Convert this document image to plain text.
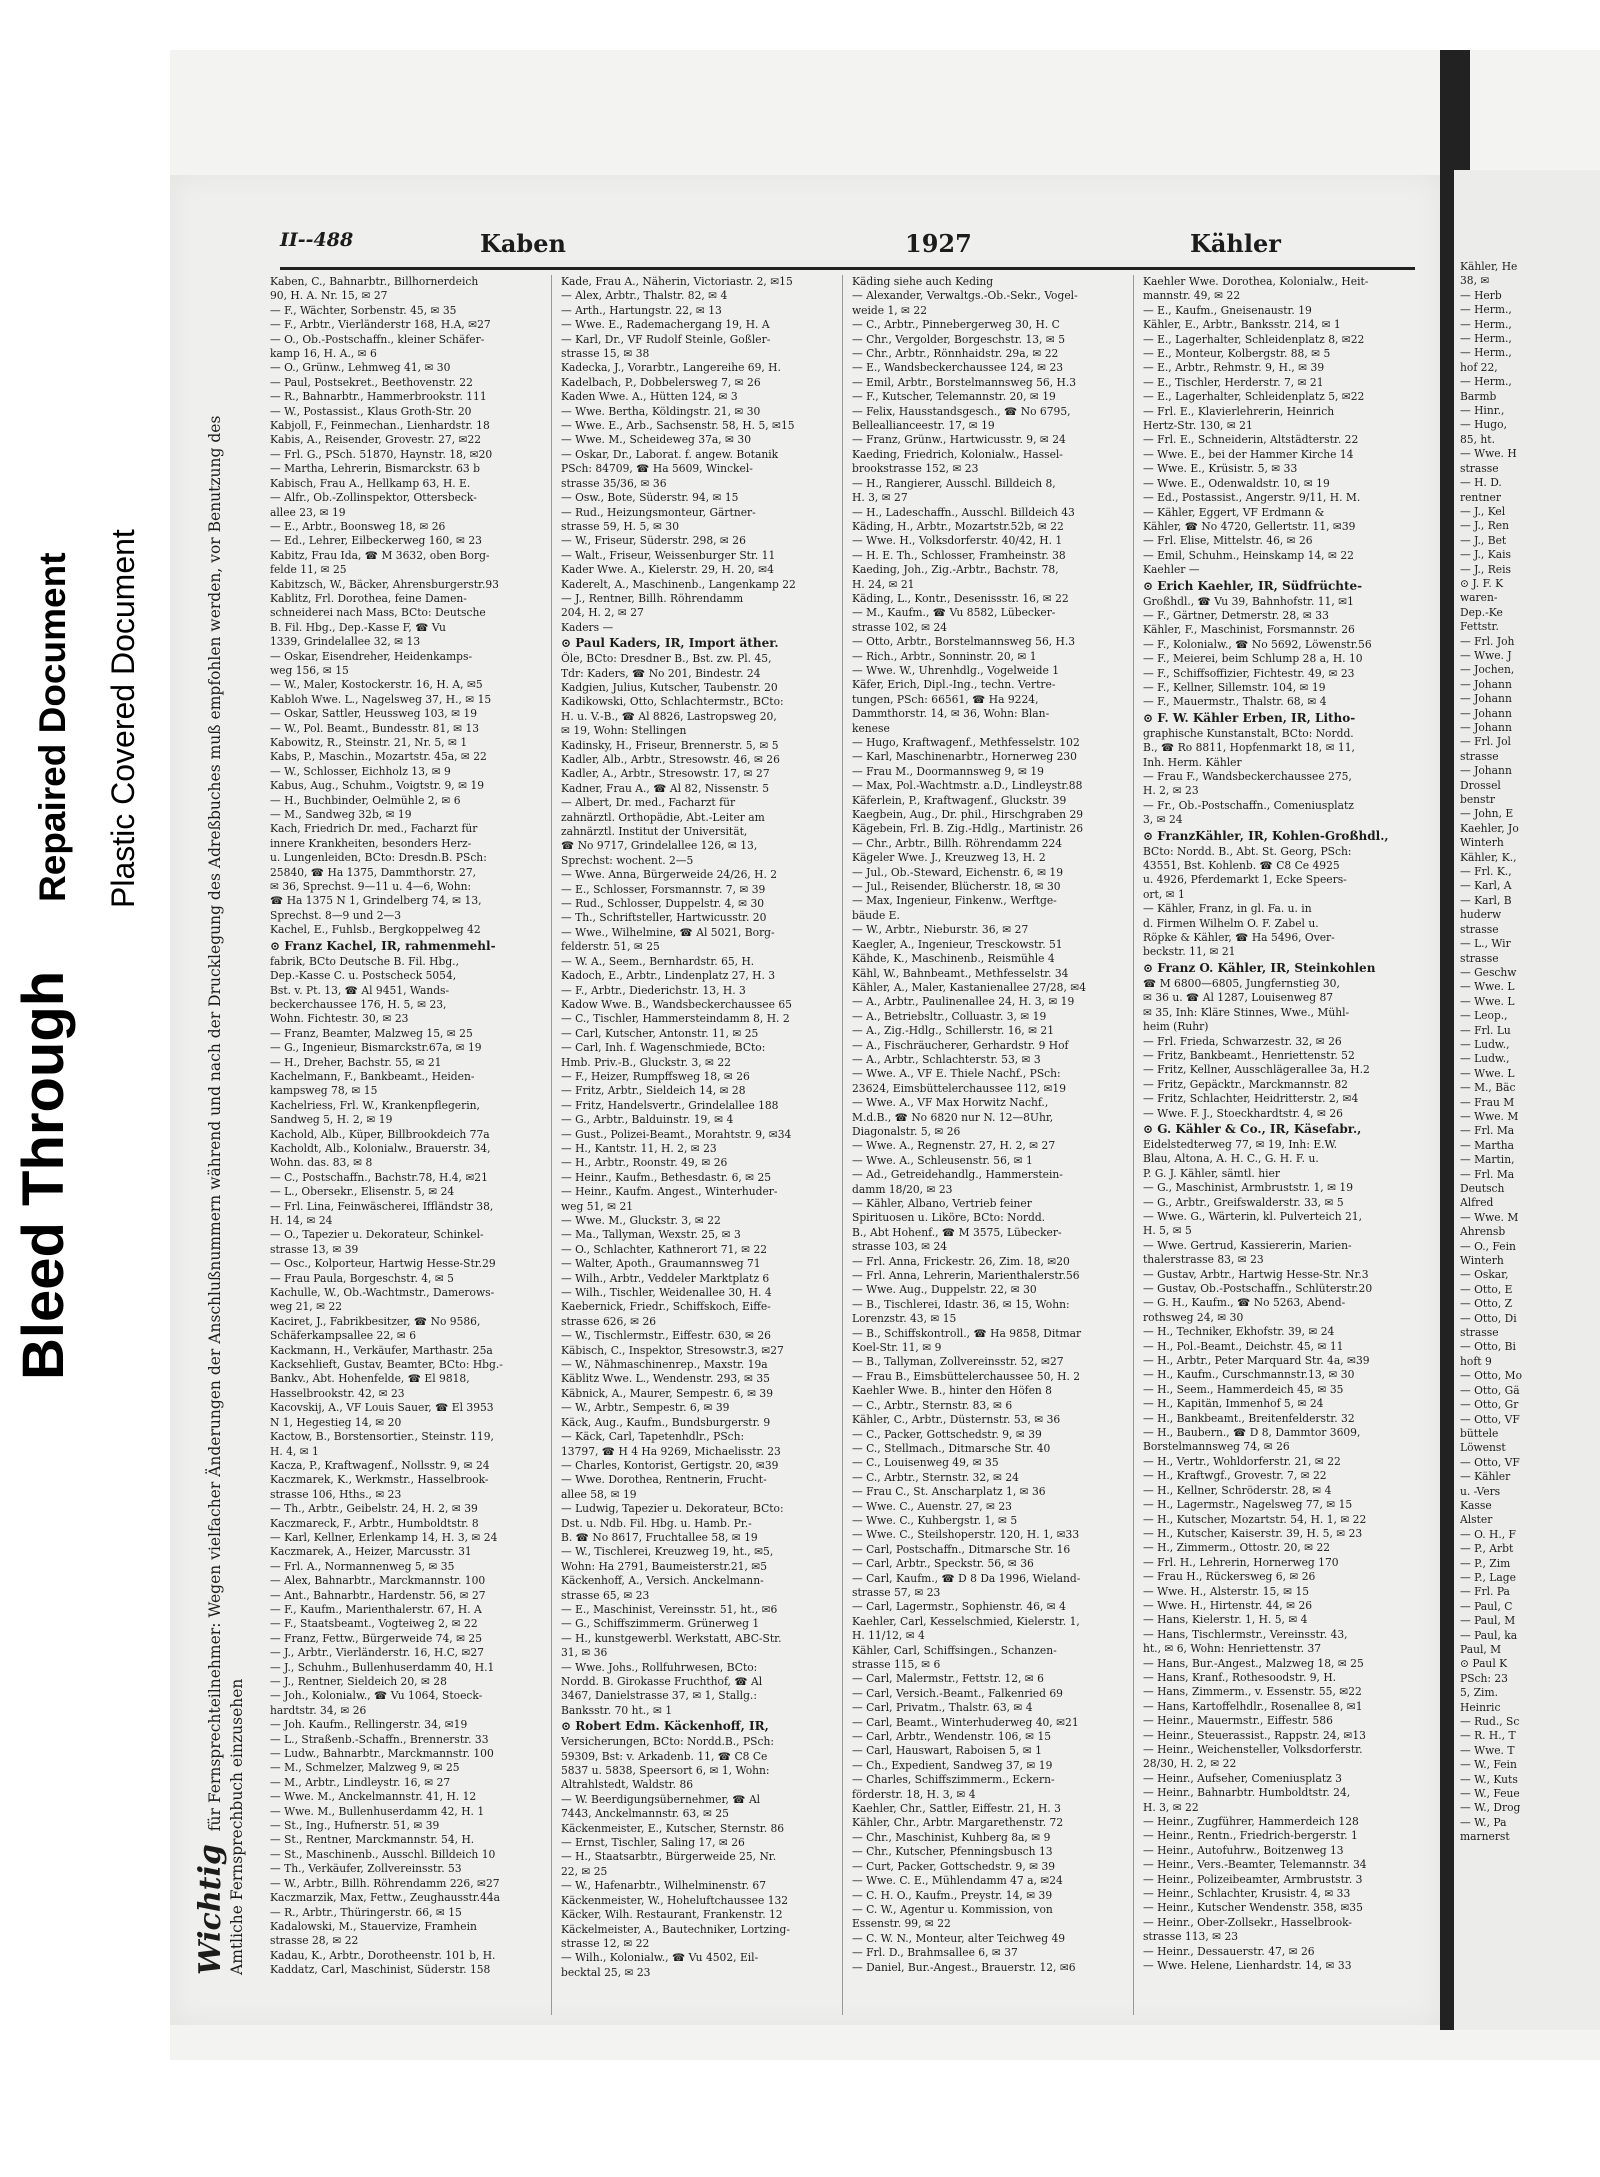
Bleed Through
Repaired Document Plastic Covered Document
II--488	Kaben	1927	Kähler
Wichtig für Fernsprechteilnehmer: Wegen vielfacher Änderungen der Anschlußnummern während und nach der Drucklegung des Adreßbuches muß empfohlen werden, vor Benutzung des Amtliche Fernsprechbuch einzusehen
Kaben, C., Bahnarbtr., Billhornerdeich
90, H. A. Nr. 15, ✉ 27
— F., Wächter, Sorbenstr. 45, ✉ 35
— F., Arbtr., Vierländerstr 168, H.A, ✉27
— O., Ob.-Postschaffn., kleiner Schäfer-
kamp 16, H. A., ✉ 6
— O., Grünw., Lehmweg 41, ✉ 30
— Paul, Postsekret., Beethovenstr. 22
— R., Bahnarbtr., Hammerbrookstr. 111
— W., Postassist., Klaus Groth-Str. 20
Kabjoll, F., Feinmechan., Lienhardstr. 18
Kabis, A., Reisender, Grovestr. 27, ✉22
— Frl. G., PSch. 51870, Haynstr. 18, ✉20
— Martha, Lehrerin, Bismarckstr. 63 b
Kabisch, Frau A., Hellkamp 63, H. E.
— Alfr., Ob.-Zollinspektor, Ottersbeck-
allee 23, ✉ 19
— E., Arbtr., Boonsweg 18, ✉ 26
— Ed., Lehrer, Eilbeckerweg 160, ✉ 23
Kabitz, Frau Ida, ☎ M 3632, oben Borg-
felde 11, ✉ 25
Kabitzsch, W., Bäcker, Ahrensburgerstr.93
Kablitz, Frl. Dorothea, feine Damen-
schneiderei nach Mass, BCto: Deutsche
B. Fil. Hbg., Dep.-Kasse F, ☎ Vu
1339, Grindelallee 32, ✉ 13
— Oskar, Eisendreher, Heidenkamps-
weg 156, ✉ 15
— W., Maler, Kostockerstr. 16, H. A, ✉5
Kabloh Wwe. L., Nagelsweg 37, H., ✉ 15
— Oskar, Sattler, Heussweg 103, ✉ 19
— W., Pol. Beamt., Bundesstr. 81, ✉ 13
Kabowitz, R., Steinstr. 21, Nr. 5, ✉ 1
Kabs, P., Maschin., Mozartstr. 45a, ✉ 22
— W., Schlosser, Eichholz 13, ✉ 9
Kabus, Aug., Schuhm., Voigtstr. 9, ✉ 19
— H., Buchbinder, Oelmühle 2, ✉ 6
— M., Sandweg 32b, ✉ 19
Kach, Friedrich Dr. med., Facharzt für
innere Krankheiten, besonders Herz-
u. Lungenleiden, BCto: Dresdn.B. PSch:
25840, ☎ Ha 1375, Dammthorstr. 27,
✉ 36, Sprechst. 9—11 u. 4—6, Wohn:
☎ Ha 1375 N 1, Grindelberg 74, ✉ 13,
Sprechst. 8—9 und 2—3
Kachel, E., Fuhlsb., Bergkoppelweg 42
⊙ Franz Kachel, IR, rahmenmehl-
fabrik, BCto Deutsche B. Fil. Hbg.,
Dep.-Kasse C. u. Postscheck 5054,
Bst. v. Pt. 13, ☎ Al 9451, Wands-
beckerchaussee 176, H. 5, ✉ 23,
Wohn. Fichtestr. 30, ✉ 23
— Franz, Beamter, Malzweg 15, ✉ 25
— G., Ingenieur, Bismarckstr.67a, ✉ 19
— H., Dreher, Bachstr. 55, ✉ 21
Kachelmann, F., Bankbeamt., Heiden-
kampsweg 78, ✉ 15
Kachelriess, Frl. W., Krankenpflegerin,
Sandweg 5, H. 2, ✉ 19
Kachold, Alb., Küper, Billbrookdeich 77a
Kacholdt, Alb., Kolonialw., Brauerstr. 34,
Wohn. das. 83, ✉ 8
— C., Postschaffn., Bachstr.78, H.4, ✉21
— L., Obersekr., Elisenstr. 5, ✉ 24
— Frl. Lina, Feinwäscherei, Iffländstr 38,
H. 14, ✉ 24
— O., Tapezier u. Dekorateur, Schinkel-
strasse 13, ✉ 39
— Osc., Kolporteur, Hartwig Hesse-Str.29
— Frau Paula, Borgeschstr. 4, ✉ 5
Kachulle, W., Ob.-Wachtmstr., Damerows-
weg 21, ✉ 22
Kaciret, J., Fabrikbesitzer, ☎ No 9586,
Schäferkampsallee 22, ✉ 6
Kackmann, H., Verkäufer, Marthastr. 25a
Kacksehlieft, Gustav, Beamter, BCto: Hbg.-
Bankv., Abt. Hohenfelde, ☎ El 9818,
Hasselbrookstr. 42, ✉ 23
Kacovskij, A., VF Louis Sauer, ☎ El 3953
N 1, Hegestieg 14, ✉ 20
Kactow, B., Borstensortier., Steinstr. 119,
H. 4, ✉ 1
Kacza, P., Kraftwagenf., Nollsstr. 9, ✉ 24
Kaczmarek, K., Werkmstr., Hasselbrook-
strasse 106, Hths., ✉ 23
— Th., Arbtr., Geibelstr. 24, H. 2, ✉ 39
Kaczmareck, F., Arbtr., Humboldtstr. 8
— Karl, Kellner, Erlenkamp 14, H. 3, ✉ 24
Kaczmarek, A., Heizer, Marcusstr. 31
— Frl. A., Normannenweg 5, ✉ 35
— Alex, Bahnarbtr., Marckmannstr. 100
— Ant., Bahnarbtr., Hardenstr. 56, ✉ 27
— F., Kaufm., Marienthalerstr. 67, H. A
— F., Staatsbeamt., Vogteiweg 2, ✉ 22
— Franz, Fettw., Bürgerweide 74, ✉ 25
— J., Arbtr., Vierländerstr. 16, H.C, ✉27
— J., Schuhm., Bullenhuserdamm 40, H.1
— J., Rentner, Sieldeich 20, ✉ 28
— Joh., Kolonialw., ☎ Vu 1064, Stoeck-
hardtstr. 34, ✉ 26
— Joh. Kaufm., Rellingerstr. 34, ✉19
— L., Straßenb.-Schaffn., Brennerstr. 33
— Ludw., Bahnarbtr., Marckmannstr. 100
— M., Schmelzer, Malzweg 9, ✉ 25
— M., Arbtr., Lindleystr. 16, ✉ 27
— Wwe. M., Anckelmannstr. 41, H. 12
— Wwe. M., Bullenhuserdamm 42, H. 1
— St., Ing., Hufnerstr. 51, ✉ 39
— St., Rentner, Marckmannstr. 54, H.
— St., Maschinenb., Ausschl. Billdeich 10
— Th., Verkäufer, Zollvereinsstr. 53
— W., Arbtr., Billh. Röhrendamm 226, ✉27
Kaczmarzik, Max, Fettw., Zeughausstr.44a
— R., Arbtr., Thüringerstr. 66, ✉ 15
Kadalowski, M., Stauervize, Framhein
strasse 28, ✉ 22
Kadau, K., Arbtr., Dorotheenstr. 101 b, H.
Kaddatz, Carl, Maschinist, Süderstr. 158
Kade, Frau A., Näherin, Victoriastr. 2, ✉15
— Alex, Arbtr., Thalstr. 82, ✉ 4
— Arth., Hartungstr. 22, ✉ 13
— Wwe. E., Rademachergang 19, H. A
— Karl, Dr., VF Rudolf Steinle, Goßler-
strasse 15, ✉ 38
Kadecka, J., Vorarbtr., Langereihe 69, H.
Kadelbach, P., Dobbelersweg 7, ✉ 26
Kaden Wwe. A., Hütten 124, ✉ 3
— Wwe. Bertha, Köldingstr. 21, ✉ 30
— Wwe. E., Arb., Sachsenstr. 58, H. 5, ✉15
— Wwe. M., Scheideweg 37a, ✉ 30
— Oskar, Dr., Laborat. f. angew. Botanik
PSch: 84709, ☎ Ha 5609, Winckel-
strasse 35/36, ✉ 36
— Osw., Bote, Süderstr. 94, ✉ 15
— Rud., Heizungsmonteur, Gärtner-
strasse 59, H. 5, ✉ 30
— W., Friseur, Süderstr. 298, ✉ 26
— Walt., Friseur, Weissenburger Str. 11
Kader Wwe. A., Kielerstr. 29, H. 20, ✉4
Kaderelt, A., Maschinenb., Langenkamp 22
— J., Rentner, Billh. Röhrendamm
204, H. 2, ✉ 27
Kaders —
⊙ Paul Kaders, IR, Import äther.
Öle, BCto: Dresdner B., Bst. zw. Pl. 45,
Tdr: Kaders, ☎ No 201, Bindestr. 24
Kadgien, Julius, Kutscher, Taubenstr. 20
Kadikowski, Otto, Schlachtermstr., BCto:
H. u. V.-B., ☎ Al 8826, Lastropsweg 20,
✉ 19, Wohn: Stellingen
Kadinsky, H., Friseur, Brennerstr. 5, ✉ 5
Kadler, Alb., Arbtr., Stresowstr. 46, ✉ 26
Kadler, A., Arbtr., Stresowstr. 17, ✉ 27
Kadner, Frau A., ☎ Al 82, Nissenstr. 5
— Albert, Dr. med., Facharzt für
zahnärztl. Orthopädie, Abt.-Leiter am
zahnärztl. Institut der Universität,
☎ No 9717, Grindelallee 126, ✉ 13,
Sprechst: wochent. 2—5
— Wwe. Anna, Bürgerweide 24/26, H. 2
— E., Schlosser, Forsmannstr. 7, ✉ 39
— Rud., Schlosser, Duppelstr. 4, ✉ 30
— Th., Schriftsteller, Hartwicusstr. 20
— Wwe., Wilhelmine, ☎ Al 5021, Borg-
felderstr. 51, ✉ 25
— W. A., Seem., Bernhardstr. 65, H.
Kadoch, E., Arbtr., Lindenplatz 27, H. 3
— F., Arbtr., Diederichstr. 13, H. 3
Kadow Wwe. B., Wandsbeckerchaussee 65
— C., Tischler, Hammersteindamm 8, H. 2
— Carl, Kutscher, Antonstr. 11, ✉ 25
— Carl, Inh. f. Wagenschmiede, BCto:
Hmb. Priv.-B., Gluckstr. 3, ✉ 22
— F., Heizer, Rumpffsweg 18, ✉ 26
— Fritz, Arbtr., Sieldeich 14, ✉ 28
— Fritz, Handelsvertr., Grindelallee 188
— G., Arbtr., Balduinstr. 19, ✉ 4
— Gust., Polizei-Beamt., Morahtstr. 9, ✉34
— H., Kantstr. 11, H. 2, ✉ 23
— H., Arbtr., Roonstr. 49, ✉ 26
— Heinr., Kaufm., Bethesdastr. 6, ✉ 25
— Heinr., Kaufm. Angest., Winterhuder-
weg 51, ✉ 21
— Wwe. M., Gluckstr. 3, ✉ 22
— Ma., Tallyman, Wexstr. 25, ✉ 3
— O., Schlachter, Kathnerort 71, ✉ 22
— Walter, Apoth., Graumannsweg 71
— Wilh., Arbtr., Veddeler Marktplatz 6
— Wilh., Tischler, Weidenallee 30, H. 4
Kaebernick, Friedr., Schiffskoch, Eiffe-
strasse 626, ✉ 26
— W., Tischlermstr., Eiffestr. 630, ✉ 26
Käbisch, C., Inspektor, Stresowstr.3, ✉27
— W., Nähmaschinenrep., Maxstr. 19a
Käblitz Wwe. L., Wendenstr. 293, ✉ 35
Käbnick, A., Maurer, Sempestr. 6, ✉ 39
— W., Arbtr., Sempestr. 6, ✉ 39
Käck, Aug., Kaufm., Bundsburgerstr. 9
— Käck, Carl, Tapetenhdlr., PSch:
13797, ☎ H 4 Ha 9269, Michaelisstr. 23
— Charles, Kontorist, Gertigstr. 20, ✉39
— Wwe. Dorothea, Rentnerin, Frucht-
allee 58, ✉ 19
— Ludwig, Tapezier u. Dekorateur, BCto:
Dst. u. Ndb. Fil. Hbg. u. Hamb. Pr.-
B. ☎ No 8617, Fruchtallee 58, ✉ 19
— W., Tischlerei, Kreuzweg 19, ht., ✉5,
Wohn: Ha 2791, Baumeisterstr.21, ✉5
Käckenhoff, A., Versich. Anckelmann-
strasse 65, ✉ 23
— E., Maschinist, Vereinsstr. 51, ht., ✉6
— G., Schiffszimmerm. Grünerweg 1
— H., kunstgewerbl. Werkstatt, ABC-Str.
31, ✉ 36
— Wwe. Johs., Rollfuhrwesen, BCto:
Nordd. B. Girokasse Fruchthof, ☎ Al
3467, Danielstrasse 37, ✉ 1, Stallg.:
Banksstr. 70 ht., ✉ 1
⊙ Robert Edm. Käckenhoff, IR,
Versicherungen, BCto: Nordd.B., PSch:
59309, Bst: v. Arkadenb. 11, ☎ C8 Ce
5837 u. 5838, Speersort 6, ✉ 1, Wohn:
Altrahlstedt, Waldstr. 86
— W. Beerdigungsübernehmer, ☎ Al
7443, Anckelmannstr. 63, ✉ 25
Käckenmeister, E., Kutscher, Sternstr. 86
— Ernst, Tischler, Saling 17, ✉ 26
— H., Staatsarbtr., Bürgerweide 25, Nr.
22, ✉ 25
— W., Hafenarbtr., Wilhelminenstr. 67
Käckenmeister, W., Hoheluftchaussee 132
Käcker, Wilh. Restaurant, Frankenstr. 12
Käckelmeister, A., Bautechniker, Lortzing-
strasse 12, ✉ 22
— Wilh., Kolonialw., ☎ Vu 4502, Eil-
becktal 25, ✉ 23
Käding siehe auch Keding
— Alexander, Verwaltgs.-Ob.-Sekr., Vogel-
weide 1, ✉ 22
— C., Arbtr., Pinnebergerweg 30, H. C
— Chr., Vergolder, Borgeschstr. 13, ✉ 5
— Chr., Arbtr., Rönnhaidstr. 29a, ✉ 22
— E., Wandsbeckerchaussee 124, ✉ 23
— Emil, Arbtr., Borstelmannsweg 56, H.3
— F., Kutscher, Telemannstr. 20, ✉ 19
— Felix, Hausstandsgesch., ☎ No 6795,
Belleallianceestr. 17, ✉ 19
— Franz, Grünw., Hartwicusstr. 9, ✉ 24
Kaeding, Friedrich, Kolonialw., Hassel-
brookstrasse 152, ✉ 23
— H., Rangierer, Ausschl. Billdeich 8,
H. 3, ✉ 27
— H., Ladeschaffn., Ausschl. Billdeich 43
Käding, H., Arbtr., Mozartstr.52b, ✉ 22
— Wwe. H., Volksdorferstr. 40/42, H. 1
— H. E. Th., Schlosser, Framheinstr. 38
Kaeding, Joh., Zig.-Arbtr., Bachstr. 78,
H. 24, ✉ 21
Käding, L., Kontr., Desenissstr. 16, ✉ 22
— M., Kaufm., ☎ Vu 8582, Lübecker-
strasse 102, ✉ 24
— Otto, Arbtr., Borstelmannsweg 56, H.3
— Rich., Arbtr., Sonninstr. 20, ✉ 1
— Wwe. W., Uhrenhdlg., Vogelweide 1
Käfer, Erich, Dipl.-Ing., techn. Vertre-
tungen, PSch: 66561, ☎ Ha 9224,
Dammthorstr. 14, ✉ 36, Wohn: Blan-
kenese
— Hugo, Kraftwagenf., Methfesselstr. 102
— Karl, Maschinenarbtr., Hornerweg 230
— Frau M., Doormannsweg 9, ✉ 19
— Max, Pol.-Wachtmstr. a.D., Lindleystr.88
Käferlein, P., Kraftwagenf., Gluckstr. 39
Kaegbein, Aug., Dr. phil., Hirschgraben 29
Kägebein, Frl. B. Zig.-Hdlg., Martinistr. 26
— Chr., Arbtr., Billh. Röhrendamm 224
Kägeler Wwe. J., Kreuzweg 13, H. 2
— Jul., Ob.-Steward, Eichenstr. 6, ✉ 19
— Jul., Reisender, Blücherstr. 18, ✉ 30
— Max, Ingenieur, Finkenw., Werftge-
bäude E.
— W., Arbtr., Nieburstr. 36, ✉ 27
Kaegler, A., Ingenieur, Tresckowstr. 51
Kähde, K., Maschinenb., Reismühle 4
Kähl, W., Bahnbeamt., Methfesselstr. 34
Kähler, A., Maler, Kastanienallee 27/28, ✉4
— A., Arbtr., Paulinenallee 24, H. 3, ✉ 19
— A., Betriebsltr., Colluastr. 3, ✉ 19
— A., Zig.-Hdlg., Schillerstr. 16, ✉ 21
— A., Fischräucherer, Gerhardstr. 9 Hof
— A., Arbtr., Schlachterstr. 53, ✉ 3
— Wwe. A., VF E. Thiele Nachf., PSch:
23624, Eimsbüttelerchaussee 112, ✉19
— Wwe. A., VF Max Horwitz Nachf.,
M.d.B., ☎ No 6820 nur N. 12—8Uhr,
Diagonalstr. 5, ✉ 26
— Wwe. A., Regnenstr. 27, H. 2, ✉ 27
— Wwe. A., Schleusenstr. 56, ✉ 1
— Ad., Getreidehandlg., Hammerstein-
damm 18/20, ✉ 23
— Kähler, Albano, Vertrieb feiner
Spirituosen u. Liköre, BCto: Nordd.
B., Abt Hohenf., ☎ M 3575, Lübecker-
strasse 103, ✉ 24
— Frl. Anna, Frickestr. 26, Zim. 18, ✉20
— Frl. Anna, Lehrerin, Marienthalerstr.56
— Wwe. Aug., Duppelstr. 22, ✉ 30
— B., Tischlerei, Idastr. 36, ✉ 15, Wohn:
Lorenzstr. 43, ✉ 15
— B., Schiffskontroll., ☎ Ha 9858, Ditmar
Koel-Str. 11, ✉ 9
— B., Tallyman, Zollvereinsstr. 52, ✉27
— Frau B., Eimsbüttelerchaussee 50, H. 2
Kaehler Wwe. B., hinter den Höfen 8
— C., Arbtr., Sternstr. 83, ✉ 6
Kähler, C., Arbtr., Düsternstr. 53, ✉ 36
— C., Packer, Gottschedstr. 9, ✉ 39
— C., Stellmach., Ditmarsche Str. 40
— C., Louisenweg 49, ✉ 35
— C., Arbtr., Sternstr. 32, ✉ 24
— Frau C., St. Anscharplatz 1, ✉ 36
— Wwe. C., Auenstr. 27, ✉ 23
— Wwe. C., Kuhbergstr. 1, ✉ 5
— Wwe. C., Steilshoperstr. 120, H. 1, ✉33
— Carl, Postschaffn., Ditmarsche Str. 16
— Carl, Arbtr., Speckstr. 56, ✉ 36
— Carl, Kaufm., ☎ D 8 Da 1996, Wieland-
strasse 57, ✉ 23
— Carl, Lagermstr., Sophienstr. 46, ✉ 4
Kaehler, Carl, Kesselschmied, Kielerstr. 1,
H. 11/12, ✉ 4
Kähler, Carl, Schiffsingen., Schanzen-
strasse 115, ✉ 6
— Carl, Malermstr., Fettstr. 12, ✉ 6
— Carl, Versich.-Beamt., Falkenried 69
— Carl, Privatm., Thalstr. 63, ✉ 4
— Carl, Beamt., Winterhuderweg 40, ✉21
— Carl, Arbtr., Wendenstr. 106, ✉ 15
— Carl, Hauswart, Raboisen 5, ✉ 1
— Ch., Expedient, Sandweg 37, ✉ 19
— Charles, Schiffszimmerm., Eckern-
förderstr. 18, H. 3, ✉ 4
Kaehler, Chr., Sattler, Eiffestr. 21, H. 3
Kähler, Chr., Arbtr. Margarethenstr. 72
— Chr., Maschinist, Kuhberg 8a, ✉ 9
— Chr., Kutscher, Pfenningsbusch 13
— Curt, Packer, Gottschedstr. 9, ✉ 39
— Wwe. C. E., Mühlendamm 47 a, ✉24
— C. H. O., Kaufm., Preystr. 14, ✉ 39
— C. W., Agentur u. Kommission, von
Essenstr. 99, ✉ 22
— C. W. N., Monteur, alter Teichweg 49
— Frl. D., Brahmsallee 6, ✉ 37
— Daniel, Bur.-Angest., Brauerstr. 12, ✉6
Kaehler Wwe. Dorothea, Kolonialw., Heit-
mannstr. 49, ✉ 22
— E., Kaufm., Gneisenaustr. 19
Kähler, E., Arbtr., Banksstr. 214, ✉ 1
— E., Lagerhalter, Schleidenplatz 8, ✉22
— E., Monteur, Kolbergstr. 88, ✉ 5
— E., Arbtr., Rehmstr. 9, H., ✉ 39
— E., Tischler, Herderstr. 7, ✉ 21
— E., Lagerhalter, Schleidenplatz 5, ✉22
— Frl. E., Klavierlehrerin, Heinrich
Hertz-Str. 130, ✉ 21
— Frl. E., Schneiderin, Altstädterstr. 22
— Wwe. E., bei der Hammer Kirche 14
— Wwe. E., Krüsistr. 5, ✉ 33
— Wwe. E., Odenwaldstr. 10, ✉ 19
— Ed., Postassist., Angerstr. 9/11, H. M.
— Kähler, Eggert, VF Erdmann &
Kähler, ☎ No 4720, Gellertstr. 11, ✉39
— Frl. Elise, Mittelstr. 46, ✉ 26
— Emil, Schuhm., Heinskamp 14, ✉ 22
Kaehler —
⊙ Erich Kaehler, IR, Südfrüchte-
Großhdl., ☎ Vu 39, Bahnhofstr. 11, ✉1
— F., Gärtner, Detmerstr. 28, ✉ 33
Kähler, F., Maschinist, Forsmannstr. 26
— F., Kolonialw., ☎ No 5692, Löwenstr.56
— F., Meierei, beim Schlump 28 a, H. 10
— F., Schiffsoffizier, Fichtestr. 49, ✉ 23
— F., Kellner, Sillemstr. 104, ✉ 19
— F., Mauermstr., Thalstr. 68, ✉ 4
⊙ F. W. Kähler Erben, IR, Litho-
graphische Kunstanstalt, BCto: Nordd.
B., ☎ Ro 8811, Hopfenmarkt 18, ✉ 11,
Inh. Herm. Kähler
— Frau F., Wandsbeckerchaussee 275,
H. 2, ✉ 23
— Fr., Ob.-Postschaffn., Comeniusplatz
3, ✉ 24
⊙ FranzKähler, IR, Kohlen-Großhdl.,
BCto: Nordd. B., Abt. St. Georg, PSch:
43551, Bst. Kohlenb. ☎ C8 Ce 4925
u. 4926, Pferdemarkt 1, Ecke Speers-
ort, ✉ 1
— Kähler, Franz, in gl. Fa. u. in
d. Firmen Wilhelm O. F. Zabel u.
Röpke & Kähler, ☎ Ha 5496, Over-
beckstr. 11, ✉ 21
⊙ Franz O. Kähler, IR, Steinkohlen
☎ M 6800—6805, Jungfernstieg 30,
✉ 36 u. ☎ Al 1287, Louisenweg 87
✉ 35, Inh: Kläre Stinnes, Wwe., Mühl-
heim (Ruhr)
— Frl. Frieda, Schwarzestr. 32, ✉ 26
— Fritz, Bankbeamt., Henriettenstr. 52
— Fritz, Kellner, Ausschlägerallee 3a, H.2
— Fritz, Gepäcktr., Marckmannstr. 82
— Fritz, Schlachter, Heidritterstr. 2, ✉4
— Wwe. F. J., Stoeckhardtstr. 4, ✉ 26
⊙ G. Kähler & Co., IR, Käsefabr.,
Eidelstedterweg 77, ✉ 19, Inh: E.W.
Blau, Altona, A. H. C., G. H. F. u.
P. G. J. Kähler, sämtl. hier
— G., Maschinist, Armbruststr. 1, ✉ 19
— G., Arbtr., Greifswalderstr. 33, ✉ 5
— Wwe. G., Wärterin, kl. Pulverteich 21,
H. 5, ✉ 5
— Wwe. Gertrud, Kassiererin, Marien-
thalerstrasse 83, ✉ 23
— Gustav, Arbtr., Hartwig Hesse-Str. Nr.3
— Gustav, Ob.-Postschaffn., Schlüterstr.20
— G. H., Kaufm., ☎ No 5263, Abend-
rothsweg 24, ✉ 30
— H., Techniker, Ekhofstr. 39, ✉ 24
— H., Pol.-Beamt., Deichstr. 45, ✉ 11
— H., Arbtr., Peter Marquard Str. 4a, ✉39
— H., Kaufm., Curschmannstr.13, ✉ 30
— H., Seem., Hammerdeich 45, ✉ 35
— H., Kapitän, Immenhof 5, ✉ 24
— H., Bankbeamt., Breitenfelderstr. 32
— H., Baubern., ☎ D 8, Dammtor 3609,
Borstelmannsweg 74, ✉ 26
— H., Vertr., Wohldorferstr. 21, ✉ 22
— H., Kraftwgf., Grovestr. 7, ✉ 22
— H., Kellner, Schröderstr. 28, ✉ 4
— H., Lagermstr., Nagelsweg 77, ✉ 15
— H., Kutscher, Mozartstr. 54, H. 1, ✉ 22
— H., Kutscher, Kaiserstr. 39, H. 5, ✉ 23
— H., Zimmerm., Ottostr. 20, ✉ 22
— Frl. H., Lehrerin, Hornerweg 170
— Frau H., Rückersweg 6, ✉ 26
— Wwe. H., Alsterstr. 15, ✉ 15
— Wwe. H., Hirtenstr. 44, ✉ 26
— Hans, Kielerstr. 1, H. 5, ✉ 4
— Hans, Tischlermstr., Vereinsstr. 43,
ht., ✉ 6, Wohn: Henriettenstr. 37
— Hans, Bur.-Angest., Malzweg 18, ✉ 25
— Hans, Kranf., Rothesoodstr. 9, H.
— Hans, Zimmerm., v. Essenstr. 55, ✉22
— Hans, Kartoffelhdlr., Rosenallee 8, ✉1
— Heinr., Mauermstr., Eiffestr. 586
— Heinr., Steuerassist., Rappstr. 24, ✉13
— Heinr., Weichensteller, Volksdorferstr.
28/30, H. 2, ✉ 22
— Heinr., Aufseher, Comeniusplatz 3
— Heinr., Bahnarbtr. Humboldtstr. 24,
H. 3, ✉ 22
— Heinr., Zugführer, Hammerdeich 128
— Heinr., Rentn., Friedrich-bergerstr. 1
— Heinr., Autofuhrw., Boitzenweg 13
— Heinr., Vers.-Beamter, Telemannstr. 34
— Heinr., Polizeibeamter, Armbruststr. 3
— Heinr., Schlachter, Krusistr. 4, ✉ 33
— Heinr., Kutscher Wendenstr. 358, ✉35
— Heinr., Ober-Zollsekr., Hasselbrook-
strasse 113, ✉ 23
— Heinr., Dessauerstr. 47, ✉ 26
— Wwe. Helene, Lienhardstr. 14, ✉ 33
Kähler, He
38, ✉
— Herb
— Herm.,
— Herm.,
— Herm.,
— Herm.,
hof 22,
— Herm.,
Barmb
— Hinr.,
— Hugo,
85, ht.
— Wwe. H
strasse
— H. D.
rentner
— J., Kel
— J., Ren
— J., Bet
— J., Kais
— J., Reis
⊙ J. F. K
waren-
Dep.-Ke
Fettstr.
— Frl. Joh
— Wwe. J
— Jochen,
— Johann
— Johann
— Johann
— Johann
— Frl. Jol
strasse
— Johann
Drossel
benstr
— John, E
Kaehler, Jo
Winterh
Kähler, K.,
— Frl. K.,
— Karl, A
— Karl, B
huderw
strasse
— L., Wir
strasse
— Geschw
— Wwe. L
— Wwe. L
— Leop.,
— Frl. Lu
— Ludw.,
— Ludw.,
— Wwe. L
— M., Bäc
— Frau M
— Wwe. M
— Frl. Ma
— Martha
— Martin,
— Frl. Ma
Deutsch
Alfred
— Wwe. M
Ahrensb
— O., Fein
Winterh
— Oskar,
— Otto, E
— Otto, Z
— Otto, Di
strasse
— Otto, Bi
hoft 9
— Otto, Mo
— Otto, Gä
— Otto, Gr
— Otto, VF
büttele
Löwenst
— Otto, VF
— Kähler
u. -Vers
Kasse
Alster
— O. H., F
— P., Arbt
— P., Zim
— P., Lage
— Frl. Pa
— Paul, C
— Paul, M
— Paul, ka
Paul, M
⊙ Paul K
PSch: 23
5, Zim.
Heinric
— Rud., Sc
— R. H., T
— Wwe. T
— W., Fein
— W., Kuts
— W., Feue
— W., Drog
— W., Pa
marnerst
